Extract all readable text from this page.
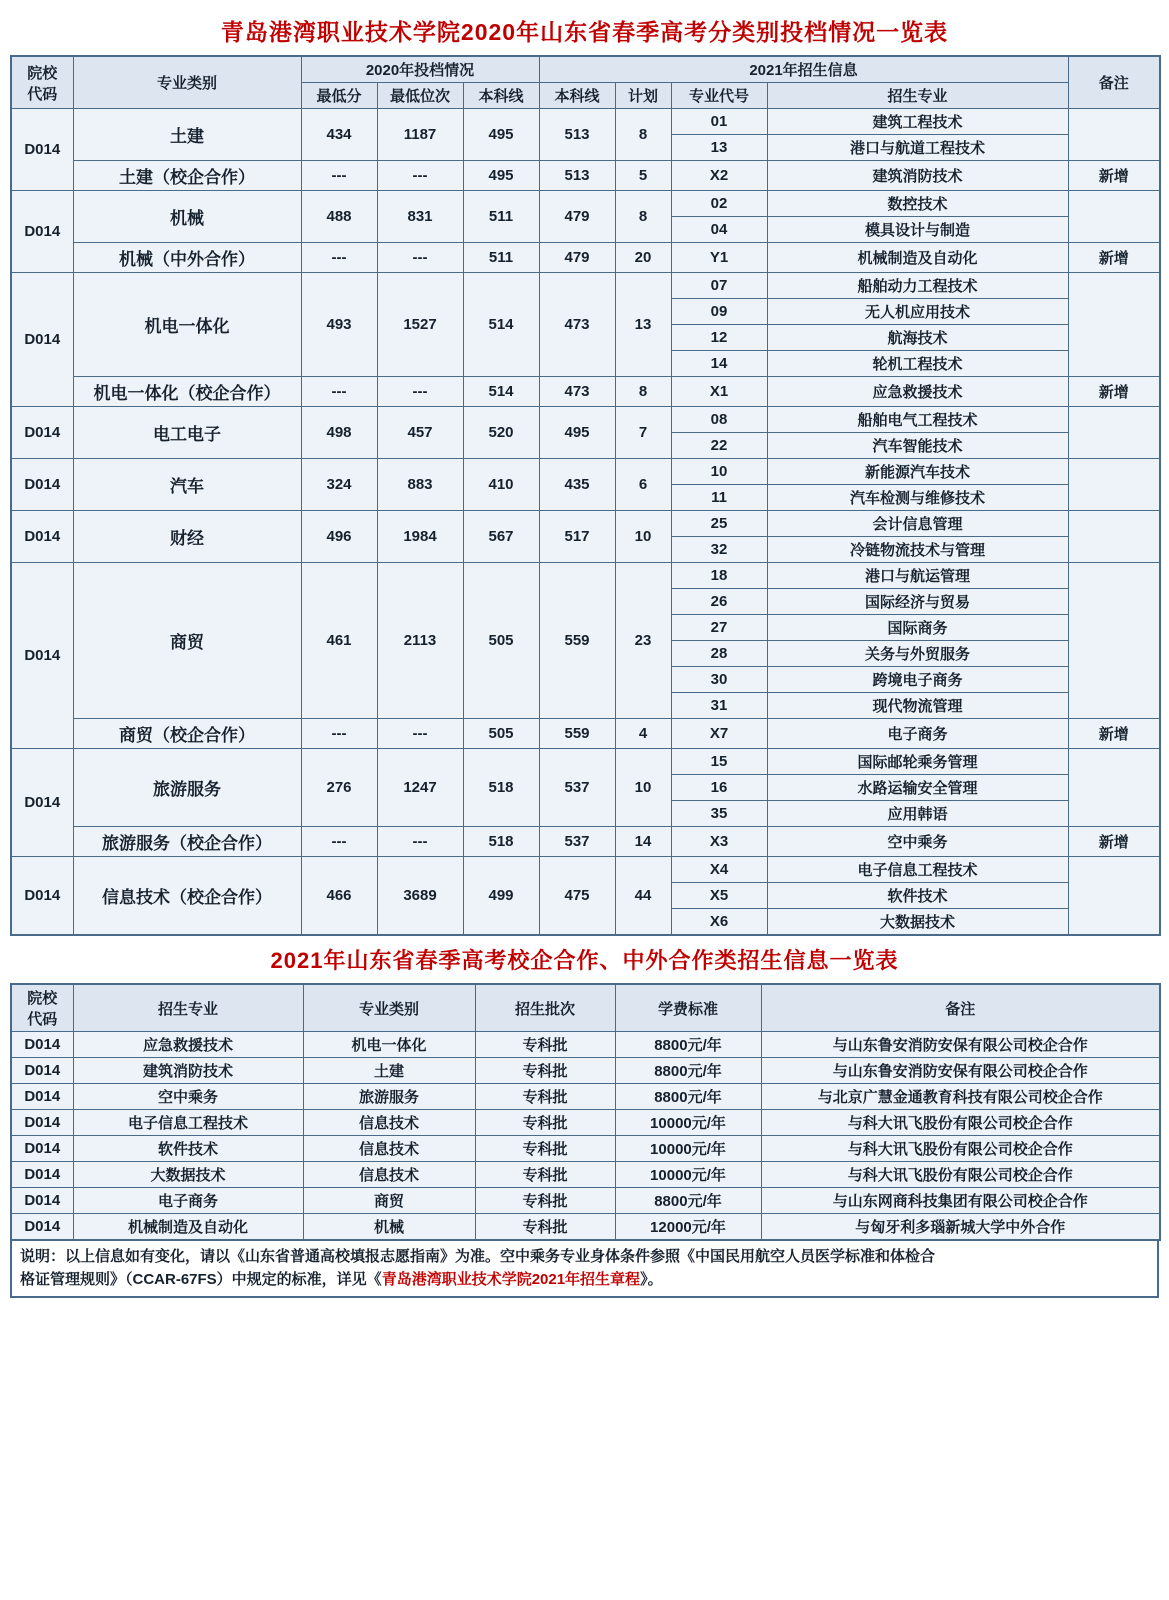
青岛港湾职业技术学院2020年山东省春季高考分类别投档情况一览表
院校
代码	专业类别	2020年投档情况			2021年招生信息				备注
		最低分	最低位次	本科线	本科线	计划	专业代号	招生专业	
D014	土建	434	1187	495	513	8	01	建筑工程技术	
							13	港口与航道工程技术	
	土建（校企合作）	---	---	495	513	5	X2	建筑消防技术	新增
D014	机械	488	831	511	479	8	02	数控技术	
							04	模具设计与制造	
	机械（中外合作）	---	---	511	479	20	Y1	机械制造及自动化	新增
D014	机电一体化	493	1527	514	473	13	07	船舶动力工程技术	
							09	无人机应用技术	
							12	航海技术	
							14	轮机工程技术	
	机电一体化（校企合作）	---	---	514	473	8	X1	应急救援技术	新增
D014	电工电子	498	457	520	495	7	08	船舶电气工程技术	
							22	汽车智能技术	
D014	汽车	324	883	410	435	6	10	新能源汽车技术	
							11	汽车检测与维修技术	
D014	财经	496	1984	567	517	10	25	会计信息管理	
							32	冷链物流技术与管理	
D014	商贸	461	2113	505	559	23	18	港口与航运管理	
							26	国际经济与贸易	
							27	国际商务	
							28	关务与外贸服务	
							30	跨境电子商务	
							31	现代物流管理	
	商贸（校企合作）	---	---	505	559	4	X7	电子商务	新增
D014	旅游服务	276	1247	518	537	10	15	国际邮轮乘务管理	
							16	水路运输安全管理	
							35	应用韩语	
	旅游服务（校企合作）	---	---	518	537	14	X3	空中乘务	新增
D014	信息技术（校企合作）	466	3689	499	475	44	X4	电子信息工程技术	
							X5	软件技术	
							X6	大数据技术	
2021年山东省春季高考校企合作、中外合作类招生信息一览表
院校
代码	招生专业	专业类别	招生批次	学费标准	备注
D014	应急救援技术	机电一体化	专科批	8800元/年	与山东鲁安消防安保有限公司校企合作
D014	建筑消防技术	土建	专科批	8800元/年	与山东鲁安消防安保有限公司校企合作
D014	空中乘务	旅游服务	专科批	8800元/年	与北京广慧金通教育科技有限公司校企合作
D014	电子信息工程技术	信息技术	专科批	10000元/年	与科大讯飞股份有限公司校企合作
D014	软件技术	信息技术	专科批	10000元/年	与科大讯飞股份有限公司校企合作
D014	大数据技术	信息技术	专科批	10000元/年	与科大讯飞股份有限公司校企合作
D014	电子商务	商贸	专科批	8800元/年	与山东网商科技集团有限公司校企合作
D014	机械制造及自动化	机械	专科批	12000元/年	与匈牙利多瑙新城大学中外合作
说明：以上信息如有变化，请以《山东省普通高校填报志愿指南》为准。空中乘务专业身体条件参照《中国民用航空人员医学标准和体检合
格证管理规则》（CCAR-67FS）中规定的标准，详见《青岛港湾职业技术学院2021年招生章程》。
